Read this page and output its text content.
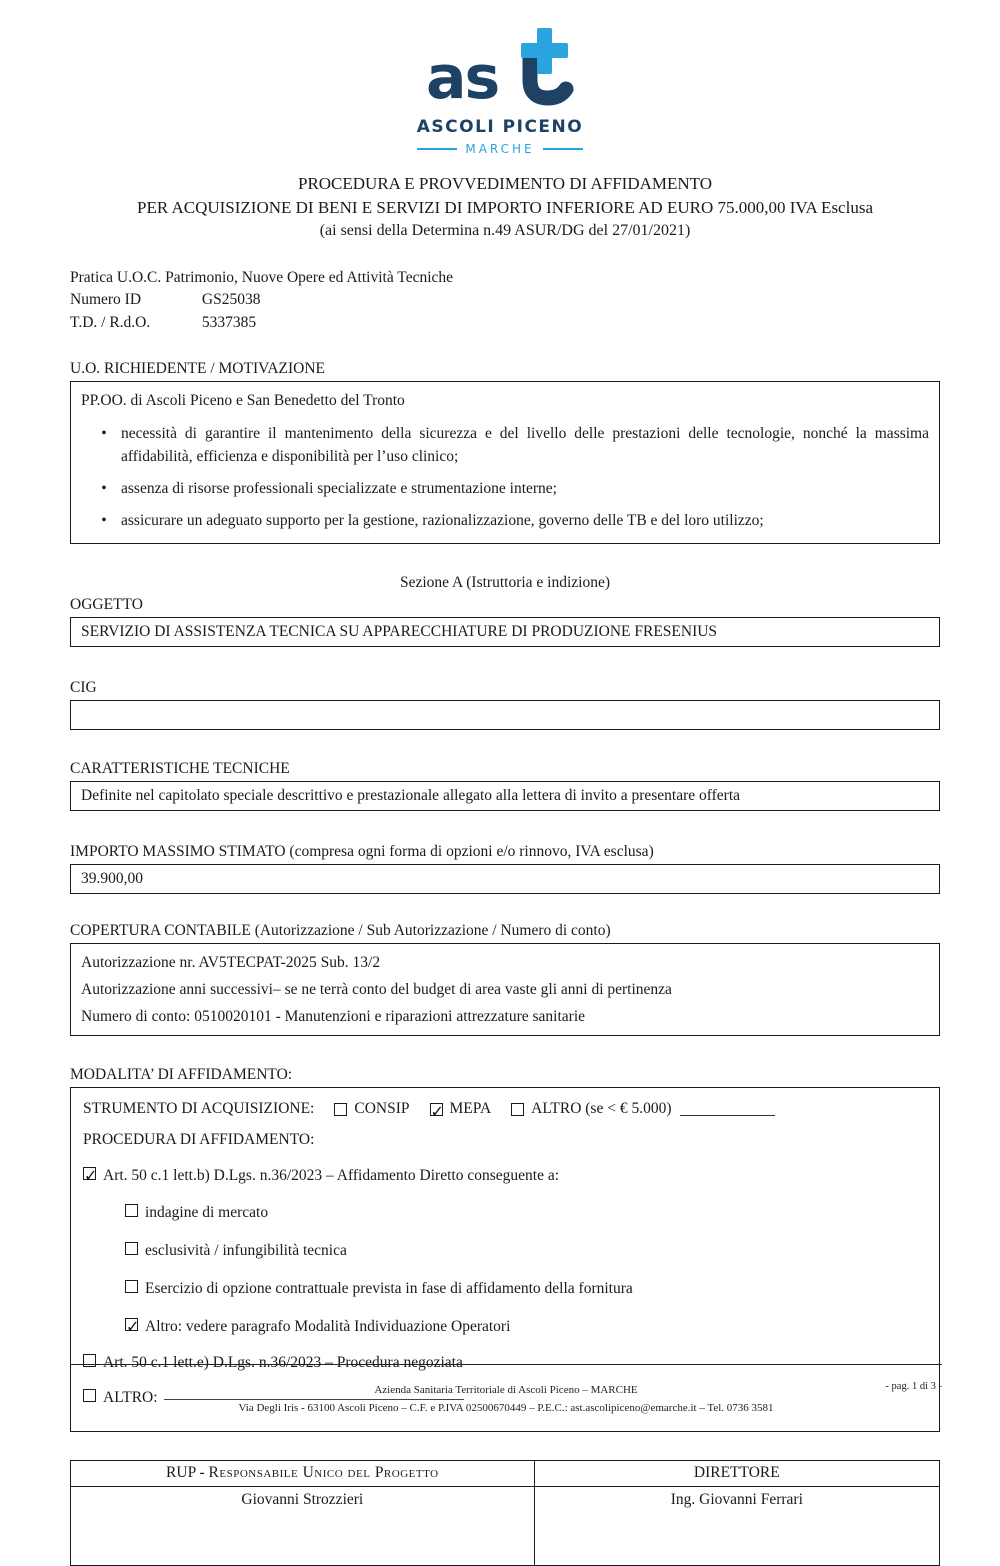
as
ASCOLI PICENO
MARCHE
PROCEDURA E PROVVEDIMENTO DI AFFIDAMENTO
PER ACQUISIZIONE DI BENI E SERVIZI DI IMPORTO INFERIORE AD EURO 75.000,00 IVA Esclusa
(ai sensi della Determina n.49 ASUR/DG del 27/01/2021)
Pratica U.O.C. Patrimonio, Nuove Opere ed Attività Tecniche
Numero ID	GS25038
T.D. / R.d.O.	5337385
U.O. RICHIEDENTE / MOTIVAZIONE
PP.OO. di Ascoli Piceno e San Benedetto del Tronto
• necessità di garantire il mantenimento della sicurezza e del livello delle prestazioni delle tecnologie, nonché la massima affidabilità, efficienza e disponibilità per l’uso clinico;
• assenza di risorse professionali specializzate e strumentazione interne;
• assicurare un adeguato supporto per la gestione, razionalizzazione, governo delle TB e del loro utilizzo;
Sezione A (Istruttoria e indizione)
OGGETTO
SERVIZIO DI ASSISTENZA TECNICA SU APPARECCHIATURE DI PRODUZIONE FRESENIUS
CIG
CARATTERISTICHE TECNICHE
Definite nel capitolato speciale descrittivo e prestazionale allegato alla lettera di invito a presentare offerta
IMPORTO MASSIMO STIMATO (compresa ogni forma di opzioni e/o rinnovo, IVA esclusa)
39.900,00
COPERTURA CONTABILE (Autorizzazione / Sub Autorizzazione / Numero di conto)
Autorizzazione nr. AV5TECPAT-2025 Sub. 13/2
Autorizzazione anni successivi– se ne terrà conto del budget di area vaste gli anni di pertinenza
Numero di conto: 0510020101 - Manutenzioni e riparazioni attrezzature sanitarie
MODALITA’ DI AFFIDAMENTO:
STRUMENTO DI ACQUISIZIONE:	CONSIP ✓	MEPA	ALTRO (se < € 5.000)
PROCEDURA DI AFFIDAMENTO:
✓
Art. 50 c.1 lett.b) D.Lgs. n.36/2023 – Affidamento Diretto conseguente a:
indagine di mercato
esclusività / infungibilità tecnica
Esercizio di opzione contrattuale prevista in fase di affidamento della fornitura
✓
Altro: vedere paragrafo Modalità Individuazione Operatori
Art. 50 c.1 lett.e) D.Lgs. n.36/2023 – Procedura negoziata
ALTRO:
RUP - Responsabile Unico del Progetto	DIRETTORE
Giovanni Strozzieri	Ing. Giovanni Ferrari
Azienda Sanitaria Territoriale di Ascoli Piceno – MARCHE
Via Degli Iris - 63100 Ascoli Piceno – C.F. e P.IVA 02500670449 – P.E.C.: ast.ascolipiceno@emarche.it – Tel. 0736 3581
- pag. 1 di 3 -
